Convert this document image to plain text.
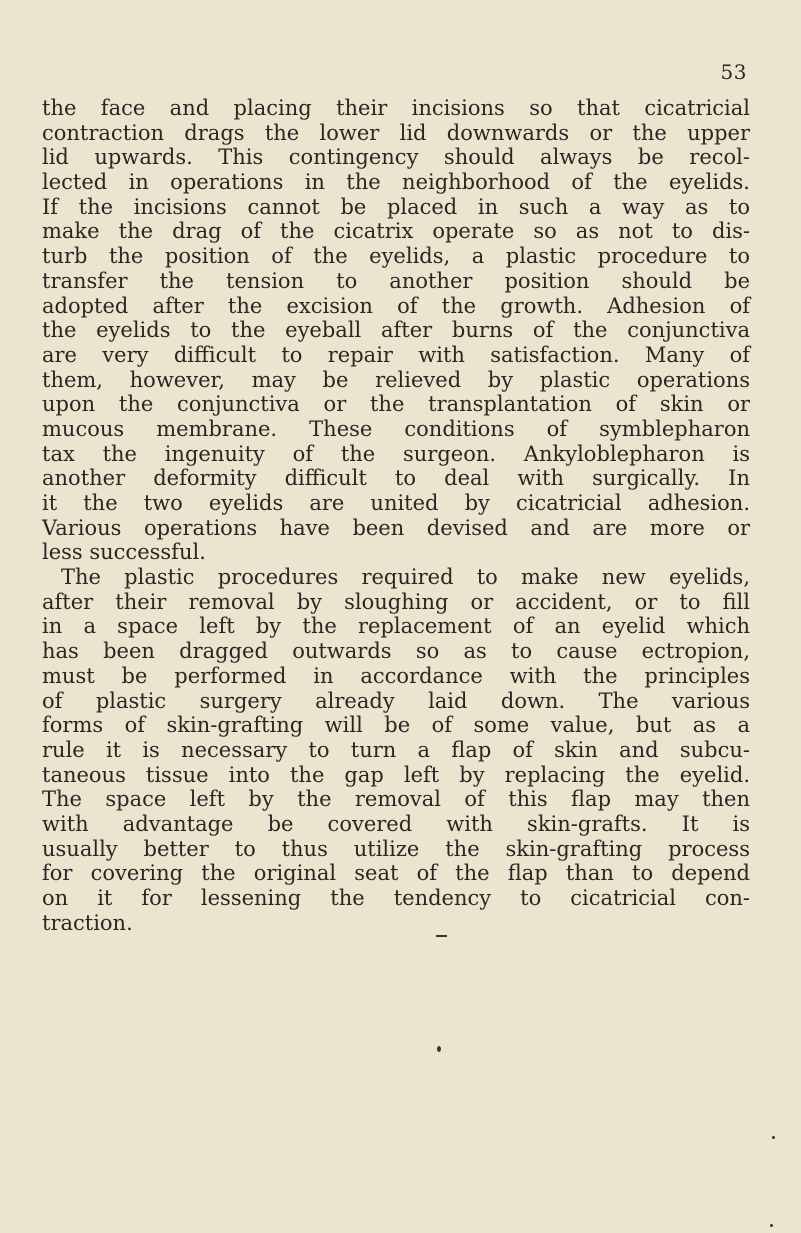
53
the face and placing their incisions so that cicatricial
contraction drags the lower lid downwards or the upper
lid upwards. This contingency should always be recol-
lected in operations in the neighborhood of the eyelids.
If the incisions cannot be placed in such a way as to
make the drag of the cicatrix operate so as not to dis-
turb the position of the eyelids, a plastic procedure to
transfer the tension to another position should be
adopted after the excision of the growth. Adhesion of
the eyelids to the eyeball after burns of the conjunctiva
are very difficult to repair with satisfaction. Many of
them, however, may be relieved by plastic operations
upon the conjunctiva or the transplantation of skin or
mucous membrane. These conditions of symblepharon
tax the ingenuity of the surgeon. Ankyloblepharon is
another deformity difficult to deal with surgically. In
it the two eyelids are united by cicatricial adhesion.
Various operations have been devised and are more or
less successful.
The plastic procedures required to make new eyelids,
after their removal by sloughing or accident, or to fill
in a space left by the replacement of an eyelid which
has been dragged outwards so as to cause ectropion,
must be performed in accordance with the principles
of plastic surgery already laid down. The various
forms of skin-grafting will be of some value, but as a
rule it is necessary to turn a flap of skin and subcu-
taneous tissue into the gap left by replacing the eyelid.
The space left by the removal of this flap may then
with advantage be covered with skin-grafts. It is
usually better to thus utilize the skin-grafting process
for covering the original seat of the flap than to depend
on it for lessening the tendency to cicatricial con-
traction.
